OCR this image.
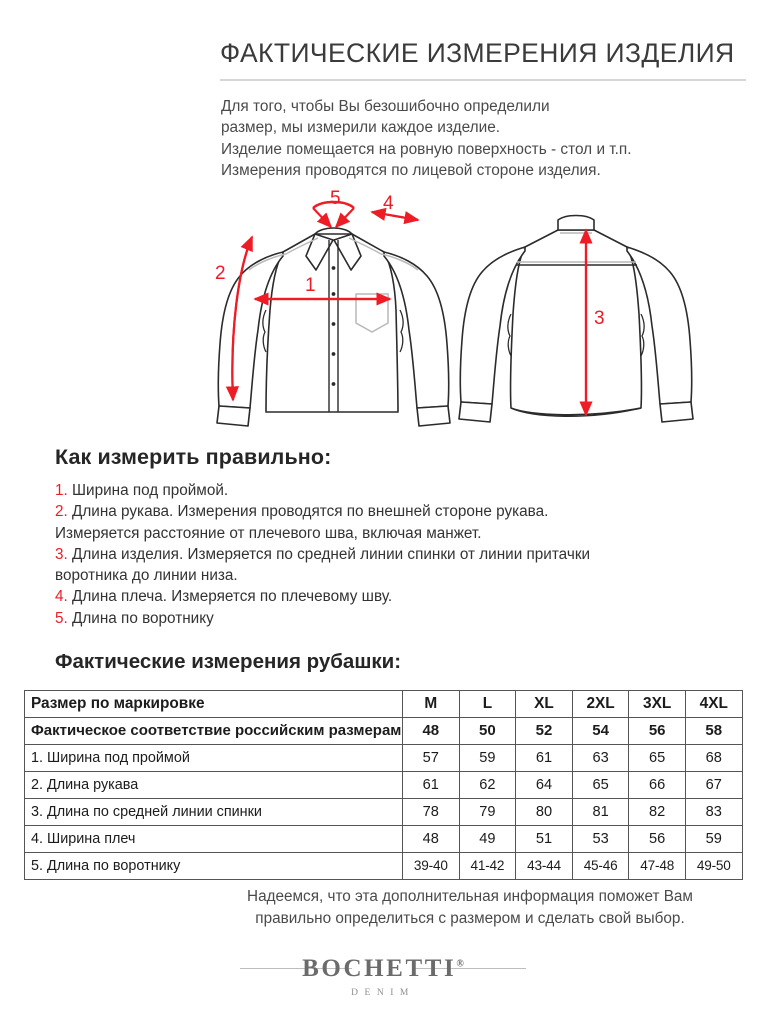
ФАКТИЧЕСКИЕ ИЗМЕРЕНИЯ ИЗДЕЛИЯ
Для того, чтобы Вы безошибочно определили
размер, мы измерили каждое изделие.
Изделие помещается на ровную поверхность - стол и т.п.
Измерения проводятся по лицевой стороне изделия.
1
2
5 4
3
Как измерить правильно:
1. Ширина под проймой.
2. Длина рукава. Измерения проводятся по внешней стороне рукава.
Измеряется расстояние от плечевого шва, включая манжет.
3. Длина изделия. Измеряется по средней линии спинки от линии притачки
воротника до линии низа.
4. Длина плеча. Измеряется по плечевому шву.
5. Длина по воротнику
Фактические измерения рубашки:
Размер по маркировке	M	L	XL	2XL	3XL	4XL
Фактическое соответствие российским размерам	48	50	52	54	56	58
1. Ширина под проймой	57	59	61	63	65	68
2. Длина рукава	61	62	64	65	66	67
3. Длина по средней линии спинки	78	79	80	81	82	83
4. Ширина плеч	48	49	51	53	56	59
5. Длина по воротнику	39-40	41-42	43-44	45-46	47-48	49-50
Надеемся, что эта дополнительная информация поможет Вам
правильно определиться с размером и сделать свой выбор.
BOCHETTI®
DENIM
